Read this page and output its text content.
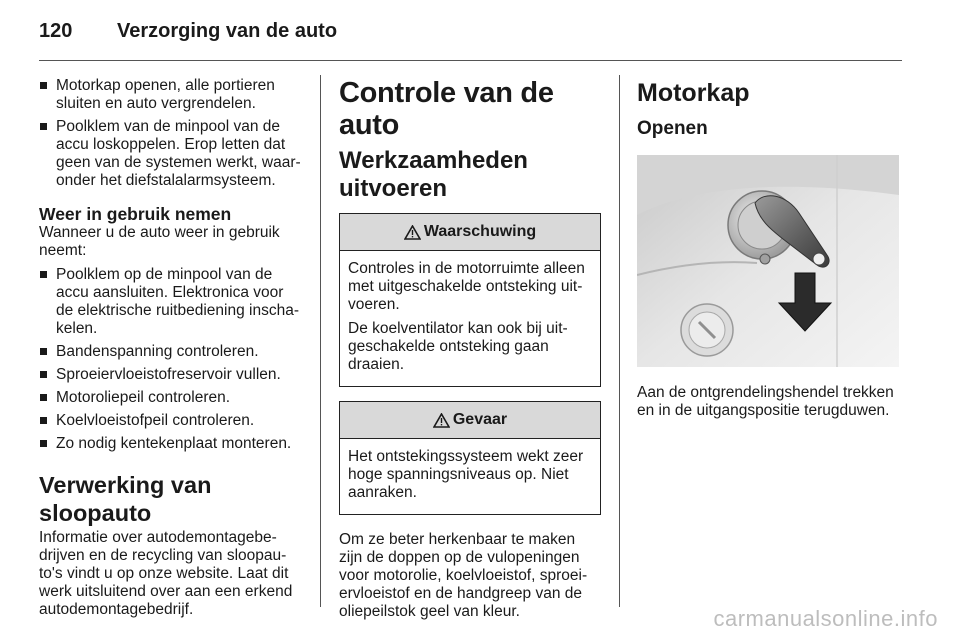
120	Verzorging van de auto
Motorkap openen, alle portieren sluiten en auto vergrendelen.
Poolklem van de minpool van de accu loskoppelen. Erop letten dat geen van de systemen werkt, waar-onder het diefstalalarmsysteem.
Weer in gebruik nemen

Wanneer u de auto weer in gebruik neemt:

Poolklem op de minpool van de accu aansluiten. Elektronica voor de elektrische ruitbediening inscha-kelen.
Bandenspanning controleren.
Sproeiervloeistofreservoir vullen.
Motoroliepeil controleren.
Koelvloeistofpeil controleren.
Zo nodig kentekenplaat monteren.
Verwerking van sloopauto

Informatie over autodemontagebe-drijven en de recycling van sloopau-to's vindt u op onze website. Laat dit werk uitsluitend over aan een erkend autodemontagebedrijf.

Controle van de auto
Werkzaamheden uitvoeren
Waarschuwing

Controles in de motorruimte alleen met uitgeschakelde ontsteking uit-voeren.

De koelventilator kan ook bij uit-geschakelde ontsteking gaan draaien.

Gevaar

Het ontstekingssysteem wekt zeer hoge spanningsniveaus op. Niet aanraken.

Om ze beter herkenbaar te maken zijn de doppen op de vulopeningen voor motorolie, koelvloeistof, sproei-ervloeistof en de handgreep van de oliepeilstok geel van kleur.

Motorkap
Openen

Aan de ontgrendelingshendel trekken en in de uitgangspositie terugduwen.

carmanualsonline.info
